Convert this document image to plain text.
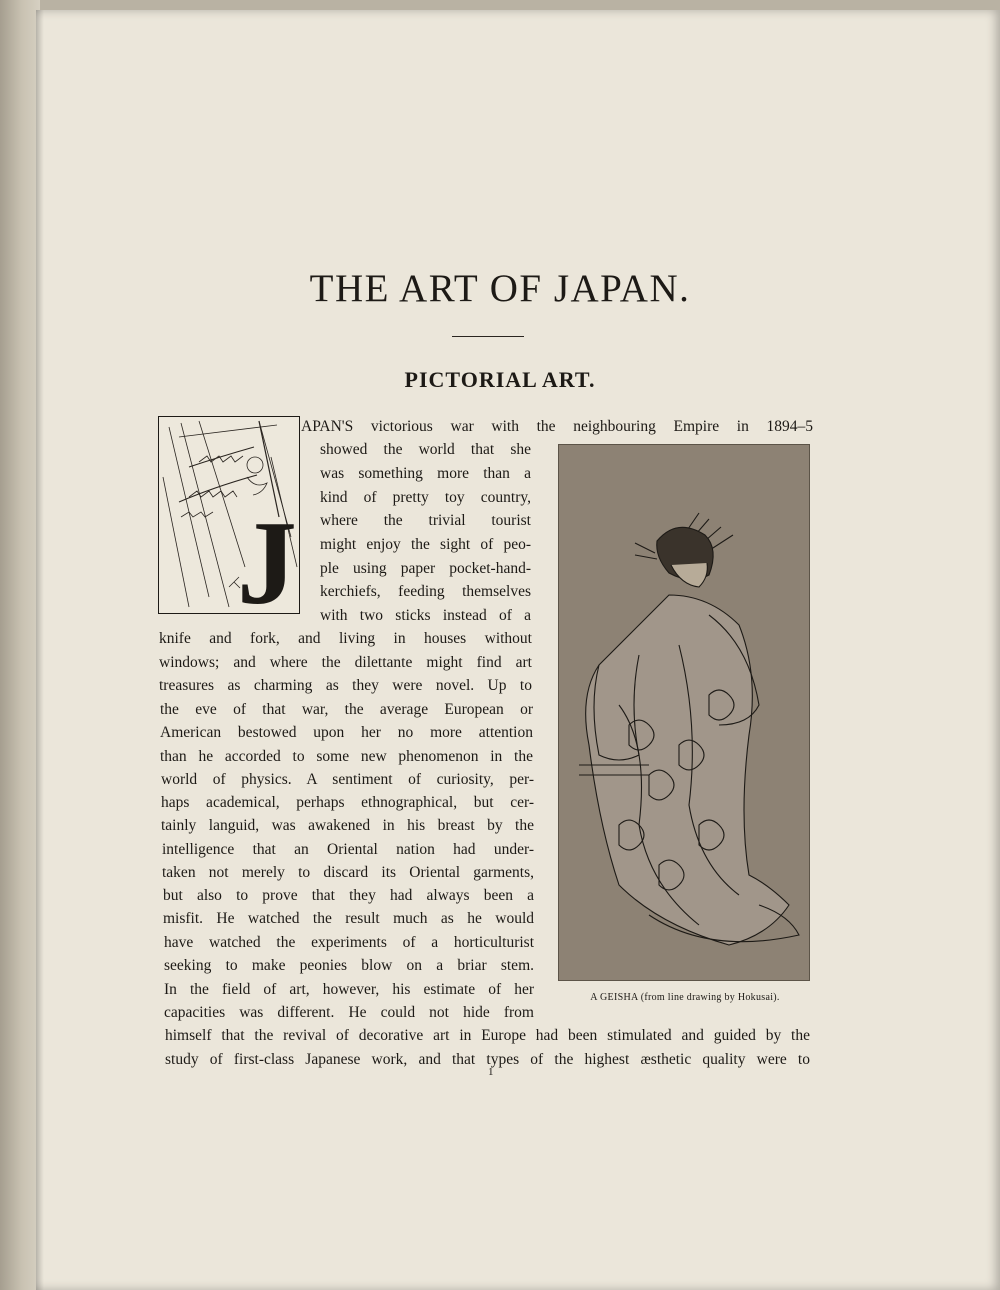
THE ART OF JAPAN.
PICTORIAL ART.
J
APAN'S victorious war with the neighbouring Empire in 1894–5
showed the world that she
was something more than a
kind of pretty toy country,
where the trivial tourist
might enjoy the sight of peo-
ple using paper pocket-hand-
kerchiefs, feeding themselves
with two sticks instead of a
knife and fork, and living in houses without
windows; and where the dilettante might find art
treasures as charming as they were novel. Up to
the eve of that war, the average European or
American bestowed upon her no more attention
than he accorded to some new phenomenon in the
world of physics. A sentiment of curiosity, per-
haps academical, perhaps ethnographical, but cer-
tainly languid, was awakened in his breast by the
intelligence that an Oriental nation had under-
taken not merely to discard its Oriental garments,
but also to prove that they had always been a
misfit. He watched the result much as he would
have watched the experiments of a horticulturist
seeking to make peonies blow on a briar stem.
In the field of art, however, his estimate of her
capacities was different. He could not hide from
himself that the revival of decorative art in Europe had been stimulated and guided by the
study of first-class Japanese work, and that types of the highest æsthetic quality were to
A GEISHA (from line drawing by Hokusai).
1
